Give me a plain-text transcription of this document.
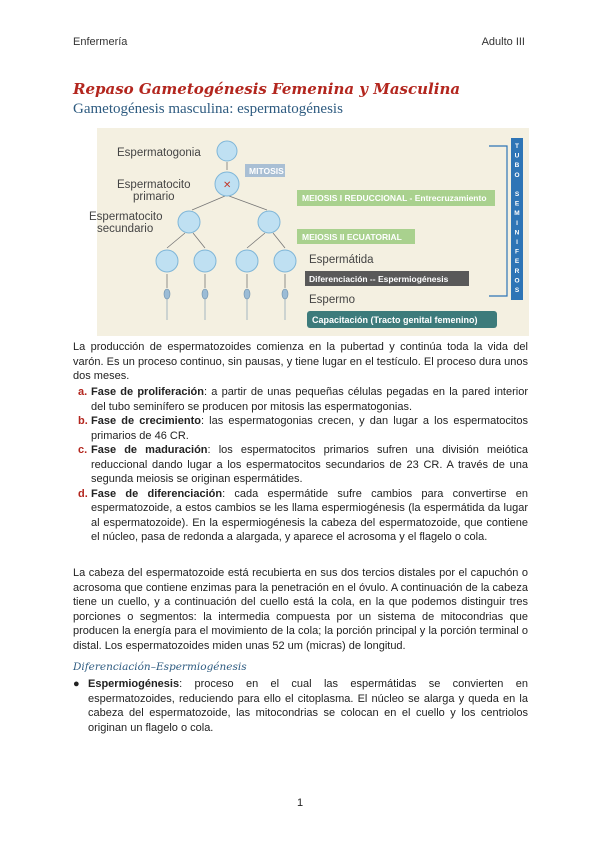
Enfermería	Adulto III
Repaso Gametogénesis Femenina y Masculina
Gametogénesis masculina: espermatogénesis
✕
Espermatogonia
Espermatocito
primario
Espermatocito
secundario
Espermátida
Espermo
MITOSIS
MEIOSIS I REDUCCIONAL - Entrecruzamiento
MEIOSIS II ECUATORIAL
Diferenciación -- Espermiogénesis
Capacitación (Tracto genital femenino)
T
U
B
O
S
E
M
I
N
I
F
E
R
O
S
La producción de espermatozoides comienza en la pubertad y continúa toda la vida del varón. Es un proceso continuo, sin pausas, y tiene lugar en el testículo. El proceso dura unos dos meses.
a. Fase de proliferación: a partir de unas pequeñas células pegadas en la pared interior del tubo seminífero se producen por mitosis las espermatogonias.
b. Fase de crecimiento: las espermatogonias crecen, y dan lugar a los espermatocitos primarios de 46 CR.
c. Fase de maduración: los espermatocitos primarios sufren una división meiótica reduccional dando lugar a los espermatocitos secundarios de 23 CR. A través de una segunda meiosis se originan espermátides.
d. Fase de diferenciación: cada espermátide sufre cambios para convertirse en espermatozoide, a estos cambios se les llama espermiogénesis (la espermátida da lugar al espermatozoide). En la espermiogénesis la cabeza del espermatozoide, que contiene el núcleo, pasa de redonda a alargada, y aparece el acrosoma y el flagelo o cola.
La cabeza del espermatozoide está recubierta en sus dos tercios distales por el capuchón o acrosoma que contiene enzimas para la penetración en el óvulo. A continuación de la cabeza tiene un cuello, y a continuación del cuello está la cola, en la que podemos distinguir tres porciones o segmentos: la intermedia compuesta por un sistema de mitocondrias que producen la energía para el movimiento de la cola; la porción principal y la porción terminal o distal. Los espermatozoides miden unas 52 um (micras) de longitud.
Diferenciación–Espermiogénesis
● Espermiogénesis: proceso en el cual las espermátidas se convierten en espermatozoides, reduciendo para ello el citoplasma. El núcleo se alarga y queda en la cabeza del espermatozoide, las mitocondrias se colocan en el cuello y los centriolos originan un flagelo o cola.
1
